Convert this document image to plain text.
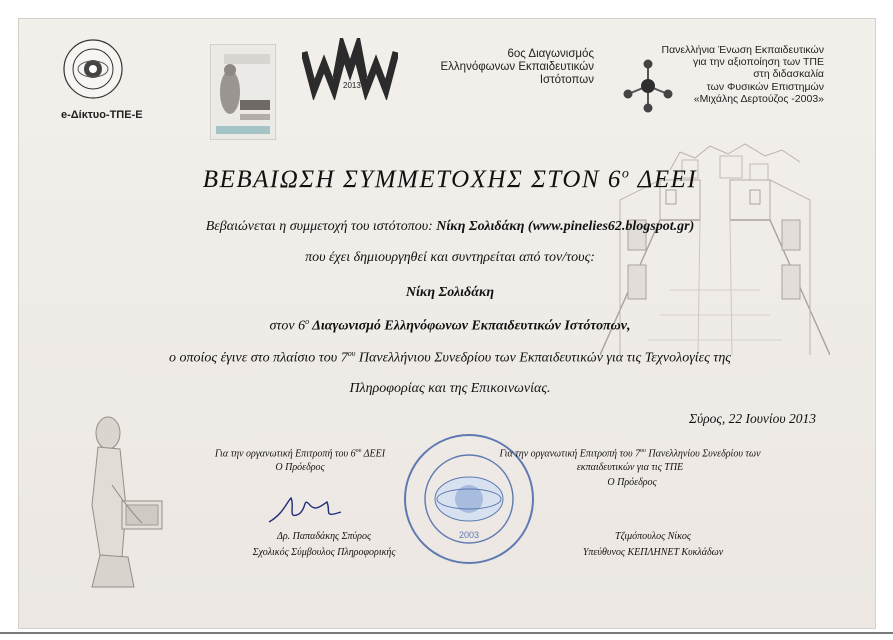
e-Δίκτυο-ΤΠΕ-Ε
2013
6ος Διαγωνισμός
Ελληνόφωνων Εκπαιδευτικών
Ιστότοπων
Πανελλήνια Ένωση Εκπαιδευτικών
για την αξιοποίηση των ΤΠΕ
στη διδασκαλία
των Φυσικών Επιστημών
«Μιχάλης Δερτούζος -2003»
ΒΕΒΑΙΩΣΗ ΣΥΜΜΕΤΟΧΗΣ ΣΤΟΝ $6^o$ ΔΕΕΙ
Βεβαιώνεται η συμμετοχή του ιστότοπου: Νίκη Σολιδάκη (www.pinelies62.blogspot.gr)
που έχει δημιουργηθεί και συντηρείται από τον/τους:
Νίκη Σολιδάκη
στον $6^o$ Διαγωνισμό Ελληνόφωνων Εκπαιδευτικών Ιστότοπων,
ο οποίος έγινε στο πλαίσιο του $7^{o\upsilon}$ Πανελλήνιου Συνεδρίου των Εκπαιδευτικών για τις Τεχνολογίες της
Πληροφορίας και της Επικοινωνίας.
Σύρος, 22 Ιουνίου 2013
Για την οργανωτική Επιτροπή του $6^{o\upsilon}$ ΔΕΕΙ
Ο Πρόεδρος
Δρ. Παπαδάκης Σπύρος
Σχολικός Σύμβουλος Πληροφορικής
2003
Για την οργανωτική Επιτροπή του $7^{o\upsilon}$ Πανελληνίου Συνεδρίου των
εκπαιδευτικών για τις ΤΠΕ
Ο Πρόεδρος
Τζιμόπουλος Νίκος
Υπεύθυνος ΚΕΠΛΗΝΕΤ Κυκλάδων
